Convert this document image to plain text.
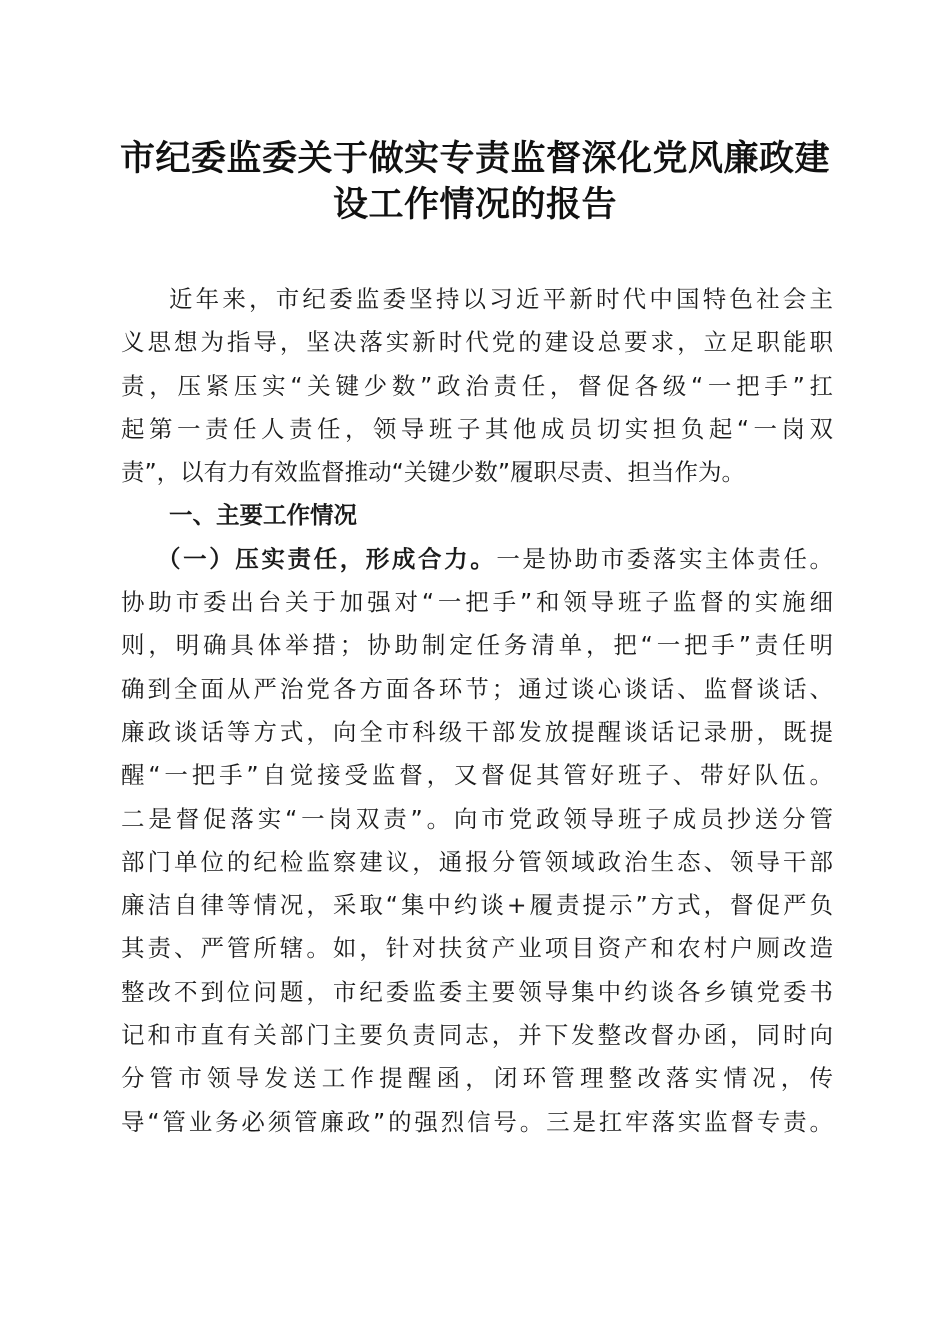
市纪委监委关于做实专责监督深化党风廉政建
设工作情况的报告
近年来，市纪委监委坚持以习近平新时代中国特色社会主
义思想为指导，坚决落实新时代党的建设总要求，立足职能职
责，压紧压实“关键少数”政治责任，督促各级“一把手”扛
起第一责任人责任，领导班子其他成员切实担负起“一岗双
责”，以有力有效监督推动“关键少数”履职尽责、担当作为。
一、主要工作情况
（一）压实责任，形成合力。一是协助市委落实主体责任。
协助市委出台关于加强对“一把手”和领导班子监督的实施细
则，明确具体举措；协助制定任务清单，把“一把手”责任明
确到全面从严治党各方面各环节；通过谈心谈话、监督谈话、
廉政谈话等方式，向全市科级干部发放提醒谈话记录册，既提
醒“一把手”自觉接受监督，又督促其管好班子、带好队伍。
二是督促落实“一岗双责”。向市党政领导班子成员抄送分管
部门单位的纪检监察建议，通报分管领域政治生态、领导干部
廉洁自律等情况，采取“集中约谈+履责提示”方式，督促严负
其责、严管所辖。如，针对扶贫产业项目资产和农村户厕改造
整改不到位问题，市纪委监委主要领导集中约谈各乡镇党委书
记和市直有关部门主要负责同志，并下发整改督办函，同时向
分管市领导发送工作提醒函，闭环管理整改落实情况，传
导“管业务必须管廉政”的强烈信号。三是扛牢落实监督专责。
